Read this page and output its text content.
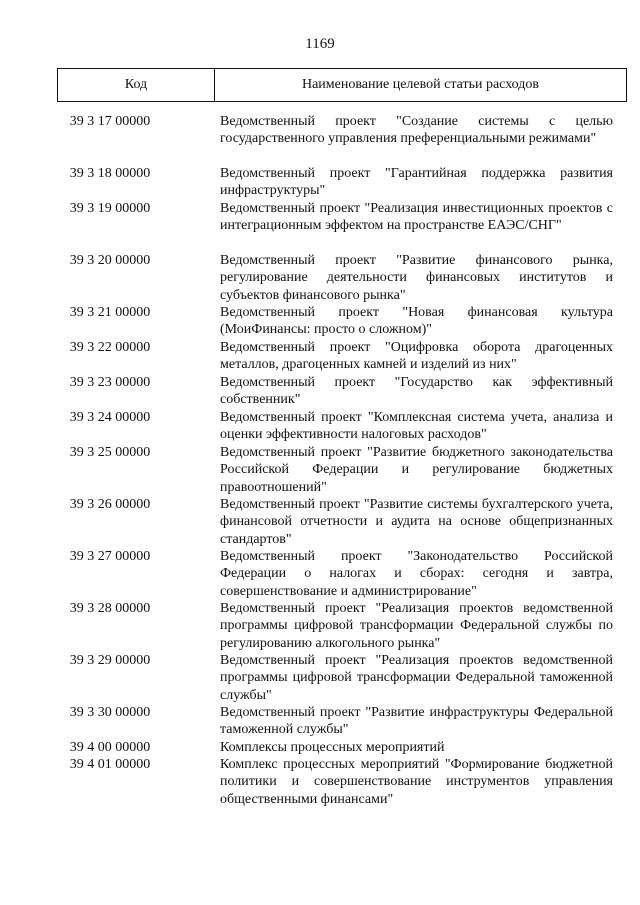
1169
Код	Наименование целевой статьи расходов
39 3 17 00000	Ведомственный проект "Создание системы с целью государственного управления преференциальными режимами"
39 3 18 00000	Ведомственный проект "Гарантийная поддержка развития инфраструктуры"
39 3 19 00000	Ведомственный проект "Реализация инвестиционных проектов с интеграционным эффектом на пространстве ЕАЭС/СНГ"
39 3 20 00000	Ведомственный проект "Развитие финансового рынка, регулирование деятельности финансовых институтов и субъектов финансового рынка"
39 3 21 00000	Ведомственный проект "Новая финансовая культура (МоиФинансы: просто о сложном)"
39 3 22 00000	Ведомственный проект "Оцифровка оборота драгоценных металлов, драгоценных камней и изделий из них"
39 3 23 00000	Ведомственный проект "Государство как эффективный собственник"
39 3 24 00000	Ведомственный проект "Комплексная система учета, анализа и оценки эффективности налоговых расходов"
39 3 25 00000	Ведомственный проект "Развитие бюджетного законодательства Российской Федерации и регулирование бюджетных правоотношений"
39 3 26 00000	Ведомственный проект "Развитие системы бухгалтерского учета, финансовой отчетности и аудита на основе общепризнанных стандартов"
39 3 27 00000	Ведомственный проект "Законодательство Российской Федерации о налогах и сборах: сегодня и завтра, совершенствование и администрирование"
39 3 28 00000	Ведомственный проект "Реализация проектов ведомственной программы цифровой трансформации Федеральной службы по регулированию алкогольного рынка"
39 3 29 00000	Ведомственный проект "Реализация проектов ведомственной программы цифровой трансформации Федеральной таможенной службы"
39 3 30 00000	Ведомственный проект "Развитие инфраструктуры Федеральной таможенной службы"
39 4 00 00000	Комплексы процессных мероприятий
39 4 01 00000	Комплекс процессных мероприятий "Формирование бюджетной политики и совершенствование инструментов управления общественными финансами"
